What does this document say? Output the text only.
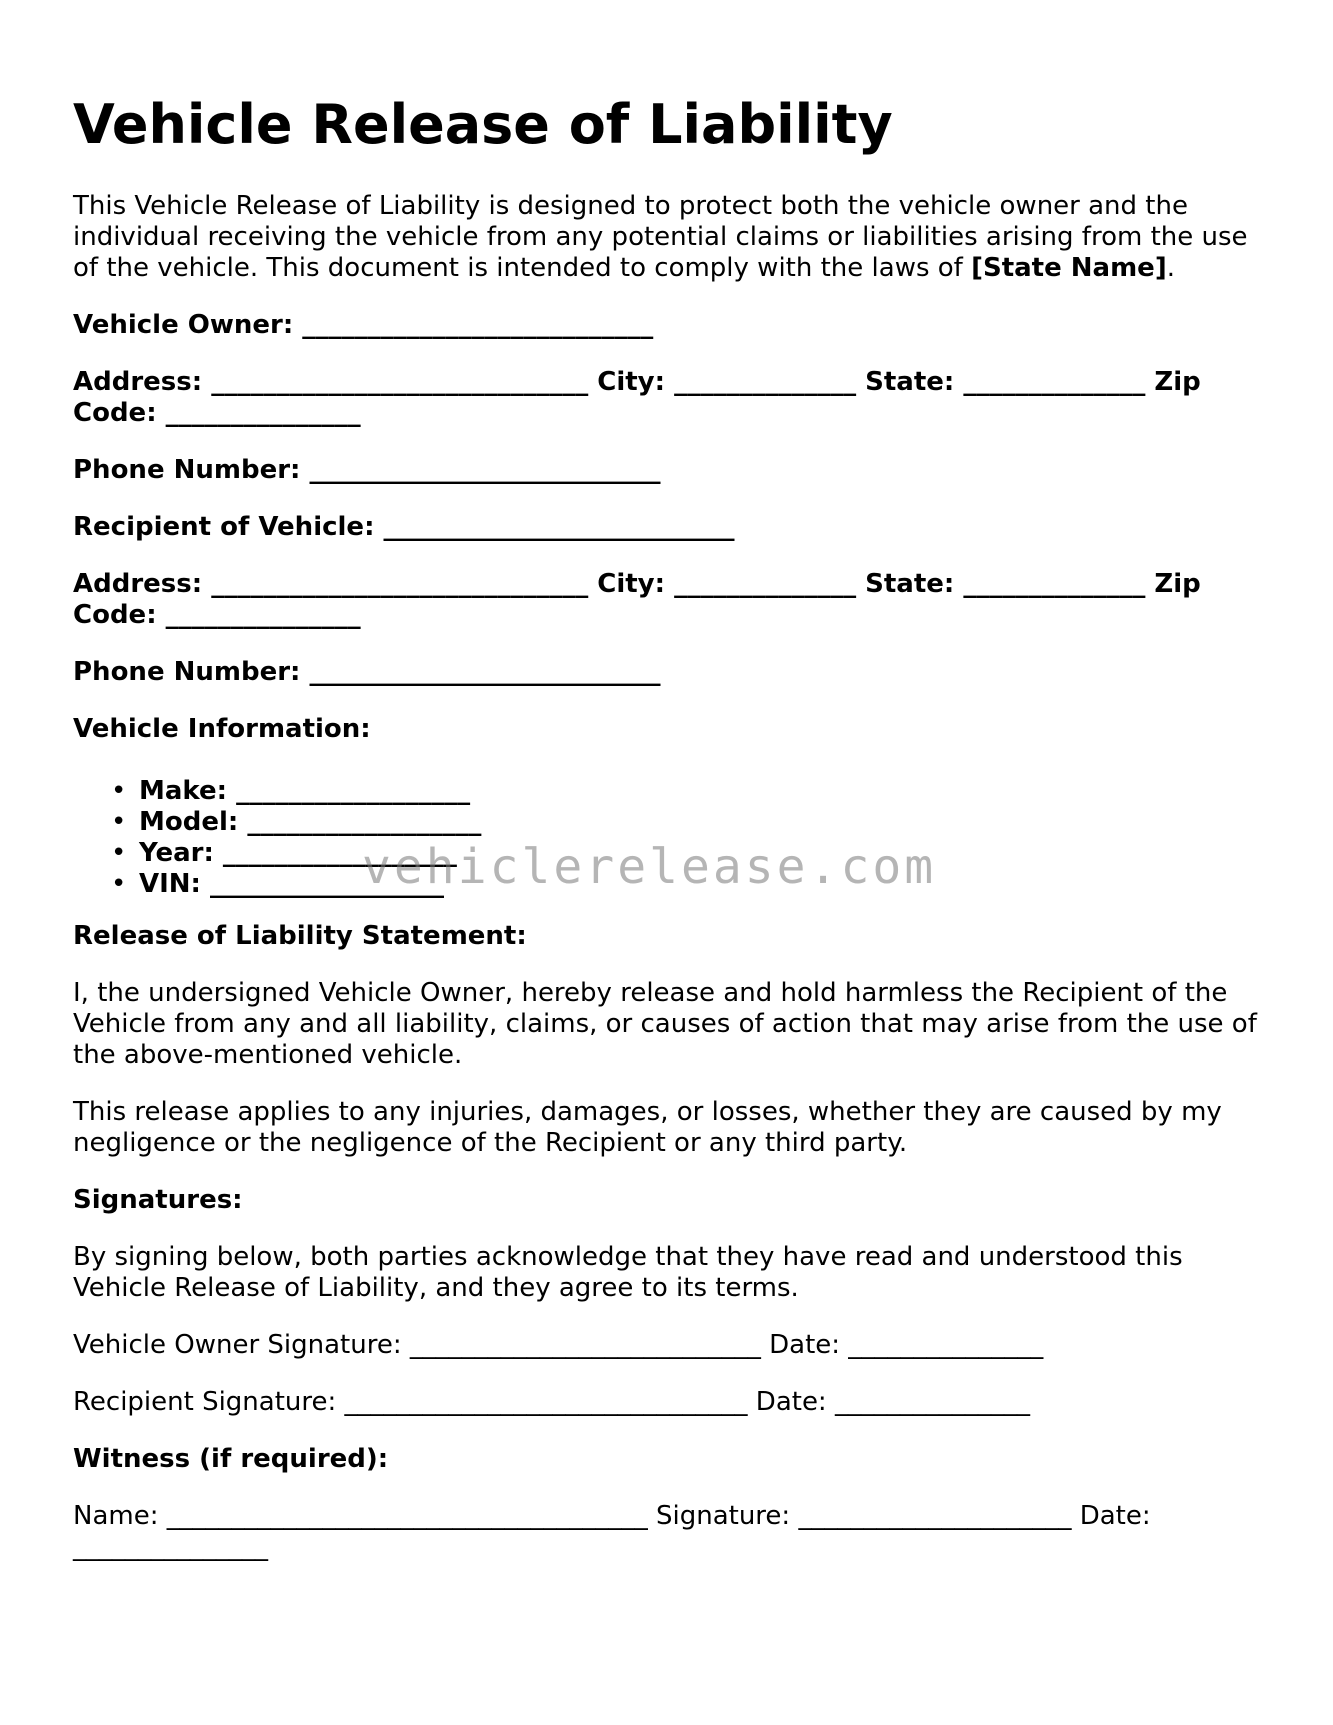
Vehicle Release of Liability
This Vehicle Release of Liability is designed to protect both the vehicle owner and the
individual receiving the vehicle from any potential claims or liabilities arising from the use
of the vehicle. This document is intended to comply with the laws of [State Name].
Vehicle Owner: ___________________________
Address: _____________________________ City: ______________ State: ______________ Zip
Code: _______________
Phone Number: ___________________________
Recipient of Vehicle: ___________________________
Address: _____________________________ City: ______________ State: ______________ Zip
Code: _______________
Phone Number: ___________________________
Vehicle Information:
• Make: __________________
• Model: __________________
• Year: __________________
• VIN: __________________
Release of Liability Statement:
I, the undersigned Vehicle Owner, hereby release and hold harmless the Recipient of the
Vehicle from any and all liability, claims, or causes of action that may arise from the use of
the above-mentioned vehicle.
This release applies to any injuries, damages, or losses, whether they are caused by my
negligence or the negligence of the Recipient or any third party.
Signatures:
By signing below, both parties acknowledge that they have read and understood this
Vehicle Release of Liability, and they agree to its terms.
Vehicle Owner Signature: ___________________________ Date: _______________
Recipient Signature: _______________________________ Date: _______________
Witness (if required):
Name: _____________________________________ Signature: _____________________ Date:
_______________
vehiclerelease.com
